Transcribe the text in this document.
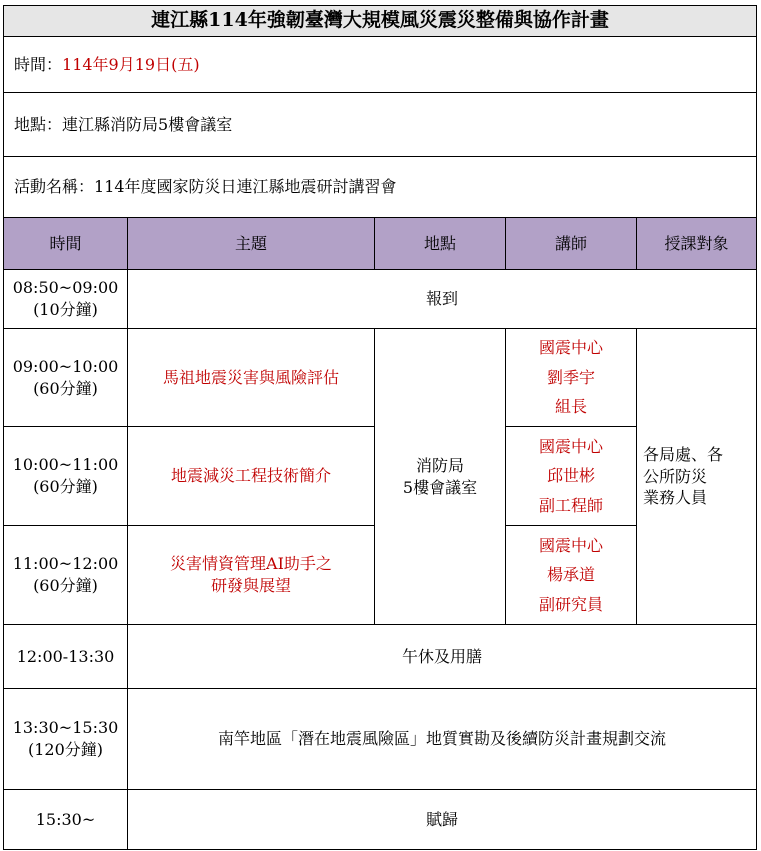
連江縣114年強韌臺灣大規模風災震災整備與協作計畫				
時間：114年9月19日(五)				
地點：連江縣消防局5樓會議室				
活動名稱：114年度國家防災日連江縣地震研討講習會				
時間	主題	地點	講師	授課對象

08:50~09:00
(10分鐘)	報到			

09:00~10:00
(60分鐘)	馬祖地震災害與風險評估	消防局
5樓會議室	國震中心
劉季宇
組長	各局處、各
公所防災
業務人員

10:00~11:00
(60分鐘)	地震減災工程技術簡介		國震中心
邱世彬
副工程師	

11:00~12:00
(60分鐘)	災害情資管理AI助手之
研發與展望		國震中心
楊承道
副研究員	

12:00-13:30	午休及用膳			

13:30~15:30
(120分鐘)	南竿地區「潛在地震風險區」地質實勘及後續防災計畫規劃交流			
15:30~	賦歸			
